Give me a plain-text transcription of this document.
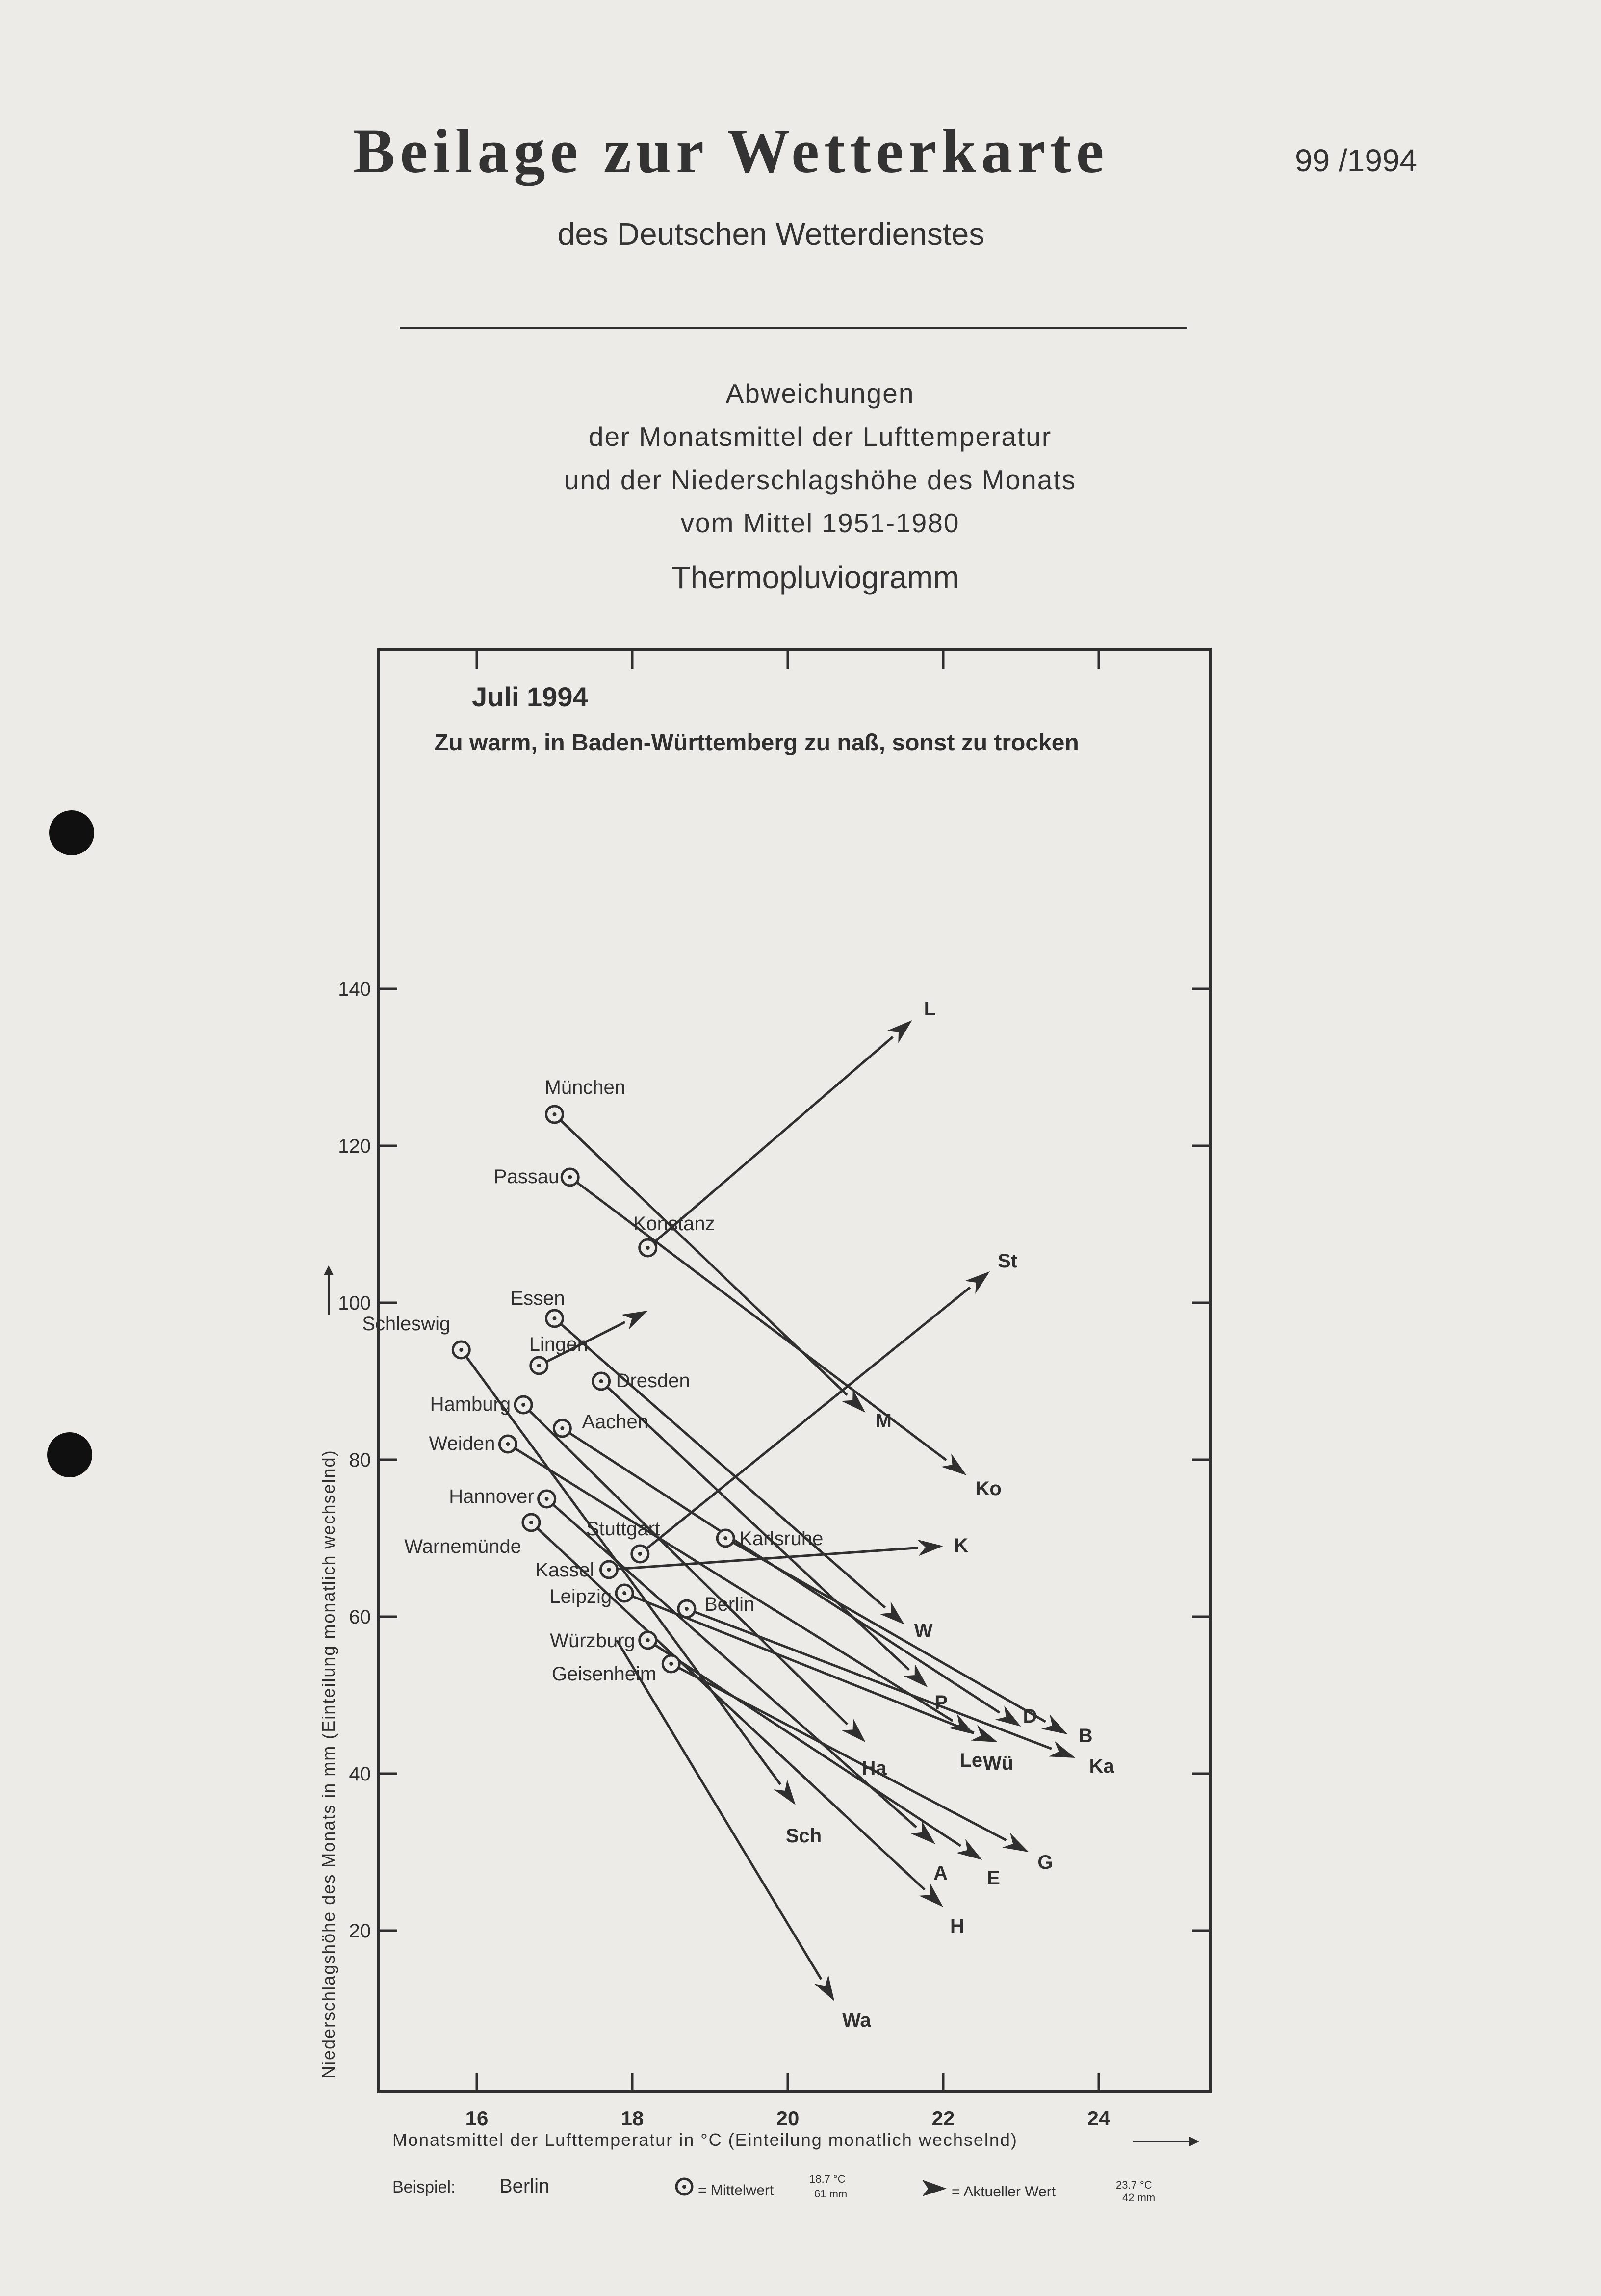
Beilage zur Wetterkarte	99 /1994
des Deutschen Wetterdienstes
Abweichungen
der Monatsmittel der Lufttemperatur
und der Niederschlagshöhe des Monats
vom Mittel 1951-1980
Thermopluviogramm
16	18	20	22	24
20
40
60
80
100
120
140
München
Passau
Konstanz
Essen
Schleswig
Lingen
Dresden
Hamburg
Aachen
Weiden
Hannover
Warnemünde
Stuttgart	Karlsruhe
Kassel
Leipzig	Berlin
Würzburg
Geisenheim
M
Ko
L
W
Sch
P
Ha
D
Le
A
H
St
B
K
Wü	Ka
E
G
Wa
Juli 1994
Zu warm, in Baden-Württemberg zu naß, sonst zu trocken
Monatsmittel der Lufttemperatur in °C (Einteilung monatlich wechselnd)
Niederschlagshöhe des Monats in mm (Einteilung monatlich wechselnd)
Beispiel: Berlin	= Mittelwert
18.7 °C
61 mm	= Aktueller Wert	23.7 °C
42 mm
